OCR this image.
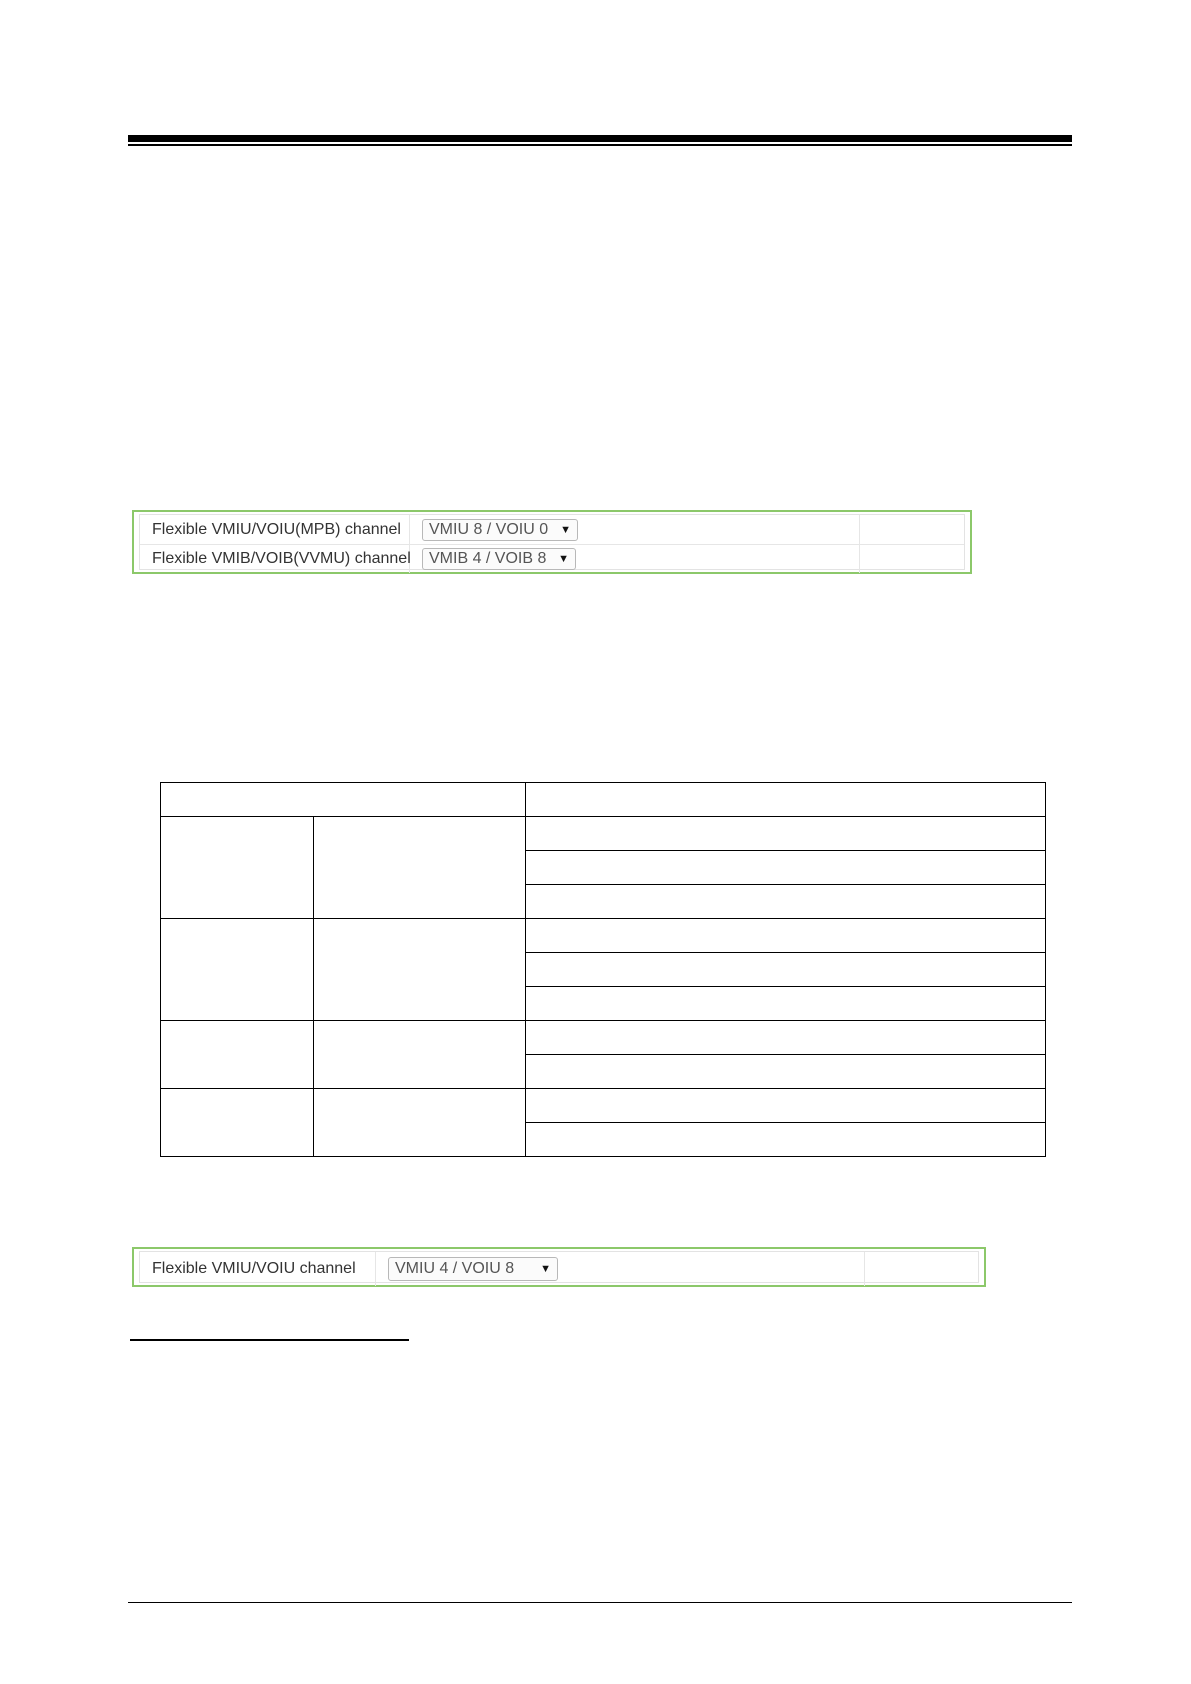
Flexible VMIU/VOIU(MPB) channel	VMIU 8 / VOIU 0 ▼
Flexible VMIB/VOIB(VVMU) channel VMIB 4 / VOIB 8 ▼

Flexible VMIU/VOIU channel	VMIU 4 / VOIU 8 ▼
